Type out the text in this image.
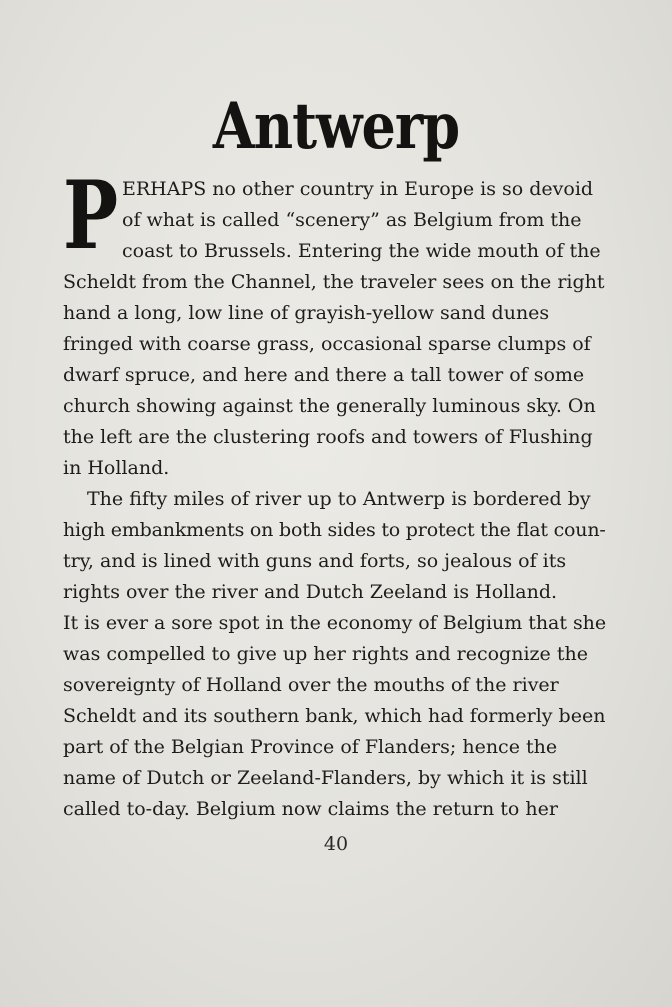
Antwerp
P ERHAPS no other country in Europe is so devoid
of what is called “scenery” as Belgium from the
coast to Brussels. Entering the wide mouth of the
Scheldt from the Channel, the traveler sees on the right
hand a long, low line of grayish-yellow sand dunes
fringed with coarse grass, occasional sparse clumps of
dwarf spruce, and here and there a tall tower of some
church showing against the generally luminous sky. On
the left are the clustering roofs and towers of Flushing
in Holland.
The fifty miles of river up to Antwerp is bordered by
high embankments on both sides to protect the flat coun-
try, and is lined with guns and forts, so jealous of its
rights over the river and Dutch Zeeland is Holland.
It is ever a sore spot in the economy of Belgium that she
was compelled to give up her rights and recognize the
sovereignty of Holland over the mouths of the river
Scheldt and its southern bank, which had formerly been
part of the Belgian Province of Flanders; hence the
name of Dutch or Zeeland-Flanders, by which it is still
called to-day. Belgium now claims the return to her
40
